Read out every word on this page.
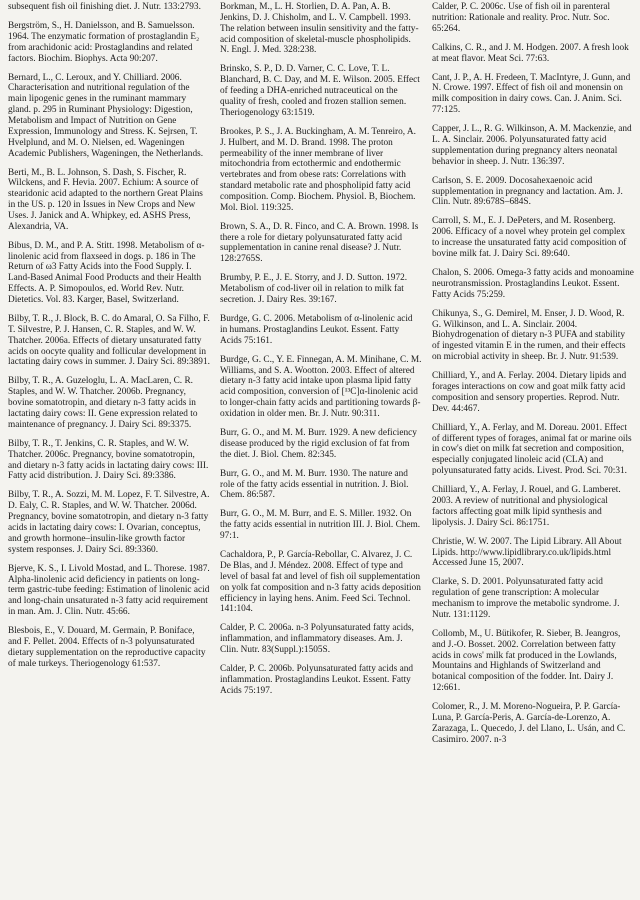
subsequent fish oil finishing diet. J. Nutr. 133:2793.

Bergström, S., H. Danielsson, and B. Samuelsson. 1964. The enzymatic formation of prostaglandin E₂ from arachidonic acid: Prostaglandins and related factors. Biochim. Biophys. Acta 90:207.

Bernard, L., C. Leroux, and Y. Chilliard. 2006. Characterisation and nutritional regulation of the main lipogenic genes in the ruminant mammary gland. p. 295 in Ruminant Physiology: Digestion, Metabolism and Impact of Nutrition on Gene Expression, Immunology and Stress. K. Sejrsen, T. Hvelplund, and M. O. Nielsen, ed. Wageningen Academic Publishers, Wageningen, the Netherlands.

Berti, M., B. L. Johnson, S. Dash, S. Fischer, R. Wilckens, and F. Hevia. 2007. Echium: A source of stearidonic acid adapted to the northern Great Plains in the US. p. 120 in Issues in New Crops and New Uses. J. Janick and A. Whipkey, ed. ASHS Press, Alexandria, VA.

Bibus, D. M., and P. A. Stitt. 1998. Metabolism of α-linolenic acid from flaxseed in dogs. p. 186 in The Return of ω3 Fatty Acids into the Food Supply. I. Land-Based Animal Food Products and their Health Effects. A. P. Simopoulos, ed. World Rev. Nutr. Dietetics. Vol. 83. Karger, Basel, Switzerland.

Bilby, T. R., J. Block, B. C. do Amaral, O. Sa Filho, F. T. Silvestre, P. J. Hansen, C. R. Staples, and W. W. Thatcher. 2006a. Effects of dietary unsaturated fatty acids on oocyte quality and follicular development in lactating dairy cows in summer. J. Dairy Sci. 89:3891.

Bilby, T. R., A. Guzeloglu, L. A. MacLaren, C. R. Staples, and W. W. Thatcher. 2006b. Pregnancy, bovine somatotropin, and dietary n-3 fatty acids in lactating dairy cows: II. Gene expression related to maintenance of pregnancy. J. Dairy Sci. 89:3375.

Bilby, T. R., T. Jenkins, C. R. Staples, and W. W. Thatcher. 2006c. Pregnancy, bovine somatotropin, and dietary n-3 fatty acids in lactating dairy cows: III. Fatty acid distribution. J. Dairy Sci. 89:3386.

Bilby, T. R., A. Sozzi, M. M. Lopez, F. T. Silvestre, A. D. Ealy, C. R. Staples, and W. W. Thatcher. 2006d. Pregnancy, bovine somatotropin, and dietary n-3 fatty acids in lactating dairy cows: I. Ovarian, conceptus, and growth hormone–insulin-like growth factor system responses. J. Dairy Sci. 89:3360.

Bjerve, K. S., I. Livold Mostad, and L. Thorese. 1987. Alpha-linolenic acid deficiency in patients on long-term gastric-tube feeding: Estimation of linolenic acid and long-chain unsaturated n-3 fatty acid requirement in man. Am. J. Clin. Nutr. 45:66.

Blesbois, E., V. Douard, M. Germain, P. Boniface, and F. Pellet. 2004. Effects of n-3 polyunsaturated dietary supplementation on the reproductive capacity of male turkeys. Theriogenology 61:537.

Borkman, M., L. H. Storlien, D. A. Pan, A. B. Jenkins, D. J. Chisholm, and L. V. Campbell. 1993. The relation between insulin sensitivity and the fatty-acid composition of skeletal-muscle phospholipids. N. Engl. J. Med. 328:238.

Brinsko, S. P., D. D. Varner, C. C. Love, T. L. Blanchard, B. C. Day, and M. E. Wilson. 2005. Effect of feeding a DHA-enriched nutraceutical on the quality of fresh, cooled and frozen stallion semen. Theriogenology 63:1519.

Brookes, P. S., J. A. Buckingham, A. M. Tenreiro, A. J. Hulbert, and M. D. Brand. 1998. The proton permeability of the inner membrane of liver mitochondria from ectothermic and endothermic vertebrates and from obese rats: Correlations with standard metabolic rate and phospholipid fatty acid composition. Comp. Biochem. Physiol. B, Biochem. Mol. Biol. 119:325.

Brown, S. A., D. R. Finco, and C. A. Brown. 1998. Is there a role for dietary polyunsaturated fatty acid supplementation in canine renal disease? J. Nutr. 128:2765S.

Brumby, P. E., J. E. Storry, and J. D. Sutton. 1972. Metabolism of cod-liver oil in relation to milk fat secretion. J. Dairy Res. 39:167.

Burdge, G. C. 2006. Metabolism of α-linolenic acid in humans. Prostaglandins Leukot. Essent. Fatty Acids 75:161.

Burdge, G. C., Y. E. Finnegan, A. M. Minihane, C. M. Williams, and S. A. Wootton. 2003. Effect of altered dietary n-3 fatty acid intake upon plasma lipid fatty acid composition, conversion of [¹³C]α-linolenic acid to longer-chain fatty acids and partitioning towards β-oxidation in older men. Br. J. Nutr. 90:311.

Burr, G. O., and M. M. Burr. 1929. A new deficiency disease produced by the rigid exclusion of fat from the diet. J. Biol. Chem. 82:345.

Burr, G. O., and M. M. Burr. 1930. The nature and role of the fatty acids essential in nutrition. J. Biol. Chem. 86:587.

Burr, G. O., M. M. Burr, and E. S. Miller. 1932. On the fatty acids essential in nutrition III. J. Biol. Chem. 97:1.

Cachaldora, P., P. García-Rebollar, C. Alvarez, J. C. De Blas, and J. Méndez. 2008. Effect of type and level of basal fat and level of fish oil supplementation on yolk fat composition and n-3 fatty acids deposition efficiency in laying hens. Anim. Feed Sci. Technol. 141:104.

Calder, P. C. 2006a. n-3 Polyunsaturated fatty acids, inflammation, and inflammatory diseases. Am. J. Clin. Nutr. 83(Suppl.):1505S.

Calder, P. C. 2006b. Polyunsaturated fatty acids and inflammation. Prostaglandins Leukot. Essent. Fatty Acids 75:197.

Calder, P. C. 2006c. Use of fish oil in parenteral nutrition: Rationale and reality. Proc. Nutr. Soc. 65:264.

Calkins, C. R., and J. M. Hodgen. 2007. A fresh look at meat flavor. Meat Sci. 77:63.

Cant, J. P., A. H. Fredeen, T. MacIntyre, J. Gunn, and N. Crowe. 1997. Effect of fish oil and monensin on milk composition in dairy cows. Can. J. Anim. Sci. 77:125.

Capper, J. L., R. G. Wilkinson, A. M. Mackenzie, and L. A. Sinclair. 2006. Polyunsaturated fatty acid supplementation during pregnancy alters neonatal behavior in sheep. J. Nutr. 136:397.

Carlson, S. E. 2009. Docosahexaenoic acid supplementation in pregnancy and lactation. Am. J. Clin. Nutr. 89:678S–684S.

Carroll, S. M., E. J. DePeters, and M. Rosenberg. 2006. Efficacy of a novel whey protein gel complex to increase the unsaturated fatty acid composition of bovine milk fat. J. Dairy Sci. 89:640.

Chalon, S. 2006. Omega-3 fatty acids and monoamine neurotransmission. Prostaglandins Leukot. Essent. Fatty Acids 75:259.

Chikunya, S., G. Demirel, M. Enser, J. D. Wood, R. G. Wilkinson, and L. A. Sinclair. 2004. Biohydrogenation of dietary n-3 PUFA and stability of ingested vitamin E in the rumen, and their effects on microbial activity in sheep. Br. J. Nutr. 91:539.

Chilliard, Y., and A. Ferlay. 2004. Dietary lipids and forages interactions on cow and goat milk fatty acid composition and sensory properties. Reprod. Nutr. Dev. 44:467.

Chilliard, Y., A. Ferlay, and M. Doreau. 2001. Effect of different types of forages, animal fat or marine oils in cow's diet on milk fat secretion and composition, especially conjugated linoleic acid (CLA) and polyunsaturated fatty acids. Livest. Prod. Sci. 70:31.

Chilliard, Y., A. Ferlay, J. Rouel, and G. Lamberet. 2003. A review of nutritional and physiological factors affecting goat milk lipid synthesis and lipolysis. J. Dairy Sci. 86:1751.

Christie, W. W. 2007. The Lipid Library. All About Lipids. http://www.lipidlibrary.co.uk/lipids.html Accessed June 15, 2007.

Clarke, S. D. 2001. Polyunsaturated fatty acid regulation of gene transcription: A molecular mechanism to improve the metabolic syndrome. J. Nutr. 131:1129.

Collomb, M., U. Bütikofer, R. Sieber, B. Jeangros, and J.-O. Bosset. 2002. Correlation between fatty acids in cows' milk fat produced in the Lowlands, Mountains and Highlands of Switzerland and botanical composition of the fodder. Int. Dairy J. 12:661.

Colomer, R., J. M. Moreno-Nogueira, P. P. García-Luna, P. García-Peris, A. García-de-Lorenzo, A. Zarazaga, L. Quecedo, J. del Llano, L. Usán, and C. Casimiro. 2007. n-3
